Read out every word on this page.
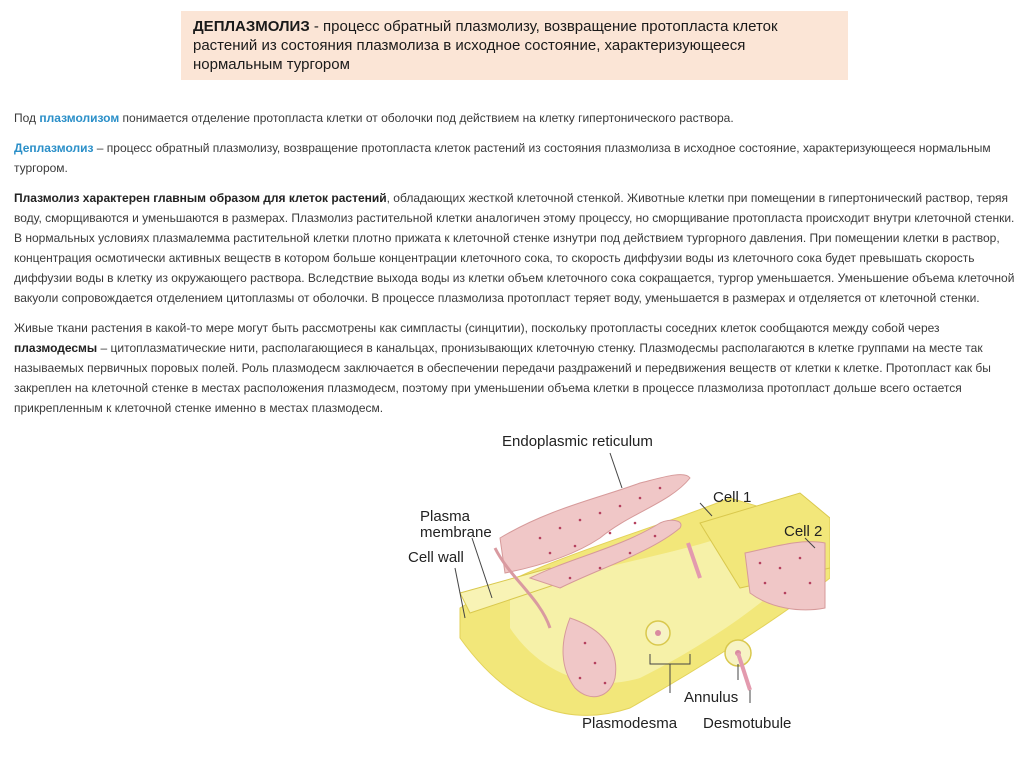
ДЕПЛАЗМОЛИЗ - процесс обратный плазмолизу, возвращение протопласта клеток растений из состояния плазмолиза в исходное состояние, характеризующееся нормальным тургором

Под плазмолизом понимается отделение протопласта клетки от оболочки под действием на клетку гипертонического раствора.

Деплазмолиз – процесс обратный плазмолизу, возвращение протопласта клеток растений из состояния плазмолиза в исходное состояние, характеризующееся нормальным тургором.

Плазмолиз характерен главным образом для клеток растений, обладающих жесткой клеточной стенкой. Животные клетки при помещении в гипертонический раствор, теряя воду, сморщиваются и уменьшаются в размерах. Плазмолиз растительной клетки аналогичен этому процессу, но сморщивание протопласта происходит внутри клеточной стенки. В нормальных условиях плазмалемма растительной клетки плотно прижата к клеточной стенке изнутри под действием тургорного давления. При помещении клетки в раствор, концентрация осмотически активных веществ в котором больше концентрации клеточного сока, то скорость диффузии воды из клеточного сока будет превышать скорость диффузии воды в клетку из окружающего раствора. Вследствие выхода воды из клетки объем клеточного сока сокращается, тургор уменьшается. Уменьшение объема клеточной вакуоли сопровождается отделением цитоплазмы от оболочки. В процессе плазмолиза протопласт теряет воду, уменьшается в размерах и отделяется от клеточной стенки.

Живые ткани растения в какой-то мере могут быть рассмотрены как симпласты (синцитии), поскольку протопласты соседних клеток сообщаются между собой через плазмодесмы – цитоплазматические нити, располагающиеся в канальцах, пронизывающих клеточную стенку. Плазмодесмы располагаются в клетке группами на месте так называемых первичных поровых полей. Роль плазмодесм заключается в обеспечении передачи раздражений и передвижения веществ от клетки к клетке. Протопласт как бы закреплен на клеточной стенке в местах расположения плазмодесм, поэтому при уменьшении объема клетки в процессе плазмолиза протопласт дольше всего остается прикрепленным к клеточной стенке именно в местах плазмодесм.

Endoplasmic reticulum
Cell 1
Cell 2
Plasma
membrane
Cell wall
Annulus
Plasmodesma Desmotubule
